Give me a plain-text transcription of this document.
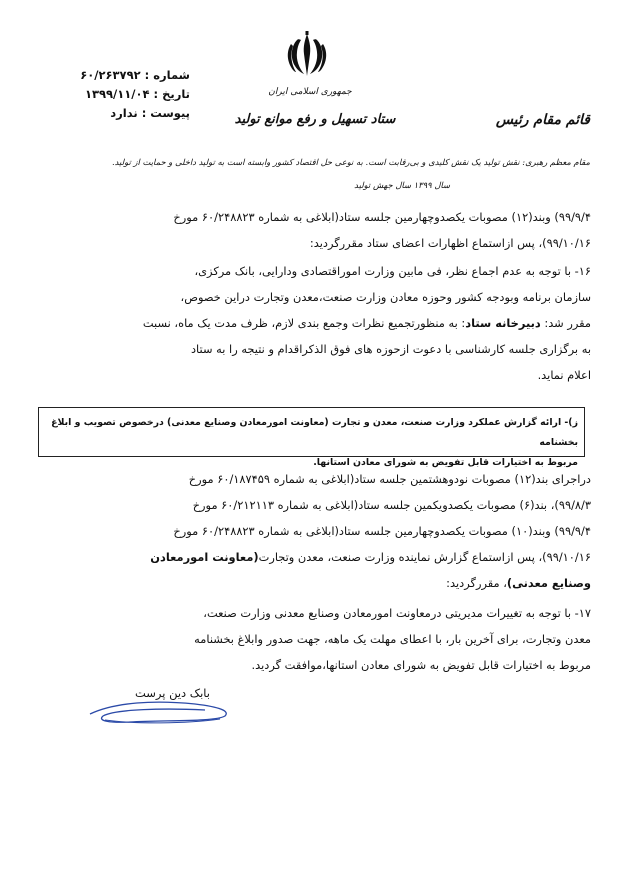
شماره : ۶۰/۲۶۳۷۹۲
تاریخ : ۱۳۹۹/۱۱/۰۴
پیوست : ندارد
جمهوری اسلامی ایران
ستاد تسهیل و رفع موانع تولید	قائم مقام رئیس
مقام معظم رهبری: نقش تولید یک نقش کلیدی و بی‌رقابت است. به نوعی حل اقتصاد کشور وابسته است به تولید داخلی و حمایت از تولید.
سال ۱۳۹۹ سال جهش تولید
۹۹/۹/۴) وبند(۱۲) مصوبات یکصدوچهارمین جلسه ستاد(ابلاغی به شماره ۶۰/۲۴۸۸۲۳ مورخ
۹۹/۱۰/۱۶)، پس ازاستماع اظهارات اعضای ستاد مقررگردید:
۱۶- با توجه به عدم اجماع نظر، فی مابین وزارت اموراقتصادی ودارایی، بانک مرکزی،
سازمان برنامه وبودجه کشور وحوزه معادن وزارت صنعت،معدن وتجارت دراین خصوص،
مقرر شد: دبیرخانه ستاد: به منظورتجمیع نظرات وجمع بندی لازم، ظرف مدت یک ماه، نسبت
به برگزاری جلسه کارشناسی با دعوت ازحوزه های فوق الذکراقدام و نتیجه را به ستاد
اعلام نماید.
ز)- ارائه گزارش عملکرد وزارت صنعت، معدن و تجارت (معاونت امورمعادن وصنایع معدنی) درخصوص تصویب و ابلاغ بخشنامه
مربوط به اختیارات قابل تفویض به شورای معادن استانها.
دراجرای بند(۱۲) مصوبات نودوهشتمین جلسه ستاد(ابلاغی به شماره ۶۰/۱۸۷۴۵۹ مورخ
۹۹/۸/۳)، بند(۶) مصوبات یکصدویکمین جلسه ستاد(ابلاغی به شماره ۶۰/۲۱۲۱۱۳ مورخ
۹۹/۹/۴) وبند(۱۰) مصوبات یکصدوچهارمین جلسه ستاد(ابلاغی به شماره ۶۰/۲۴۸۸۲۳ مورخ
۹۹/۱۰/۱۶)، پس ازاستماع گزارش نماینده وزارت صنعت، معدن وتجارت(معاونت امورمعادن
وصنایع معدنی)، مقررگردید:
۱۷- با توجه به تغییرات مدیریتی درمعاونت امورمعادن وصنایع معدنی وزارت صنعت،
معدن وتجارت، برای آخرین بار، با اعطای مهلت یک ماهه، جهت صدور وابلاغ بخشنامه
مربوط به اختیارات قابل تفویض به شورای معادن استانها،موافقت گردید.
بابک دین پرست
